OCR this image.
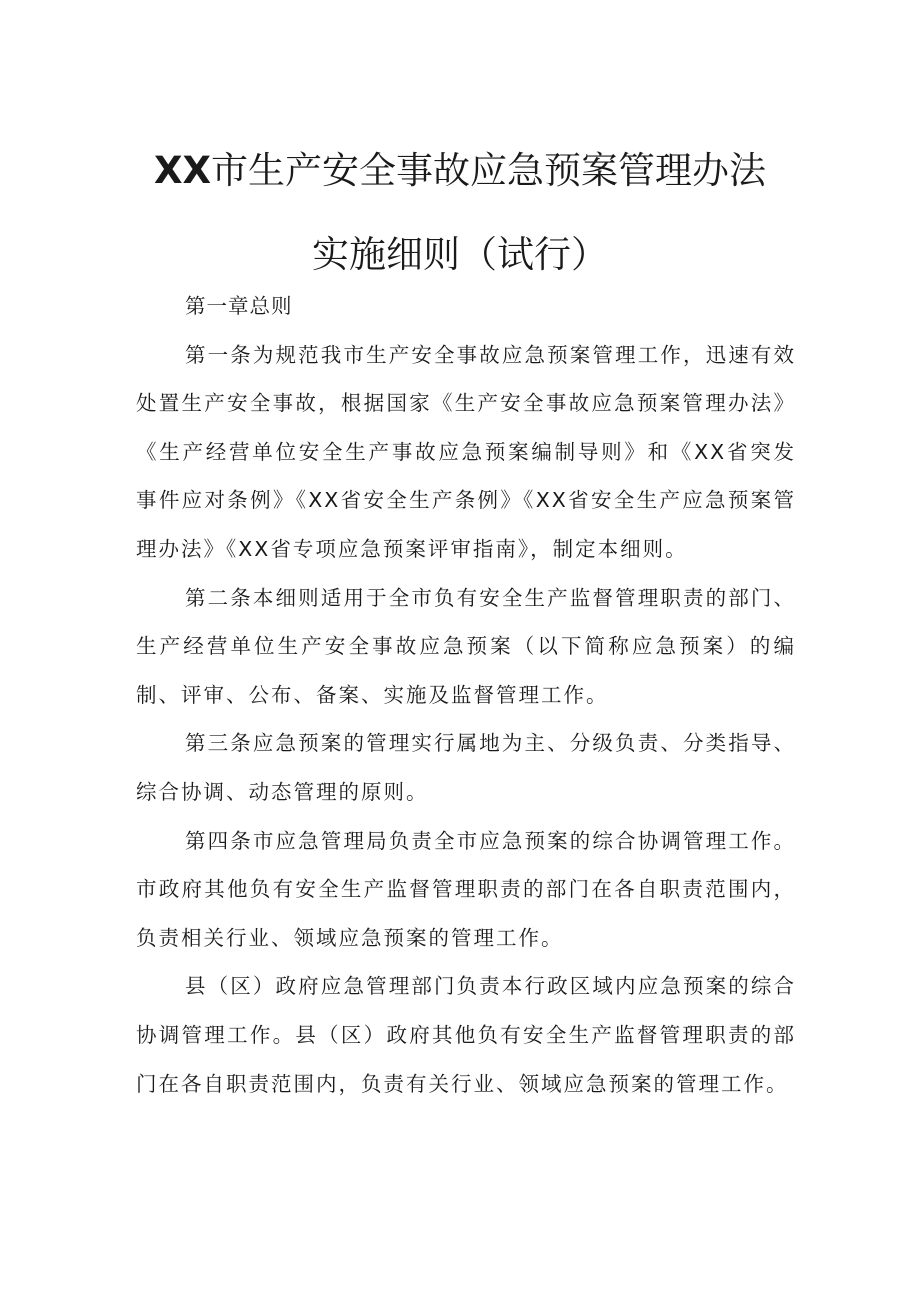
XX市生产安全事故应急预案管理办法
实施细则（试行）

第一章总则

第一条为规范我市生产安全事故应急预案管理工作，迅速有效处置生产安全事故，根据国家《生产安全事故应急预案管理办法》《生产经营单位安全生产事故应急预案编制导则》和《XX省突发事件应对条例》《XX省安全生产条例》《XX省安全生产应急预案管理办法》《XX省专项应急预案评审指南》，制定本细则。

第二条本细则适用于全市负有安全生产监督管理职责的部门、生产经营单位生产安全事故应急预案（以下简称应急预案）的编制、评审、公布、备案、实施及监督管理工作。

第三条应急预案的管理实行属地为主、分级负责、分类指导、综合协调、动态管理的原则。

第四条市应急管理局负责全市应急预案的综合协调管理工作。市政府其他负有安全生产监督管理职责的部门在各自职责范围内，负责相关行业、领域应急预案的管理工作。

县（区）政府应急管理部门负责本行政区域内应急预案的综合协调管理工作。县（区）政府其他负有安全生产监督管理职责的部门在各自职责范围内，负责有关行业、领域应急预案的管理工作。
